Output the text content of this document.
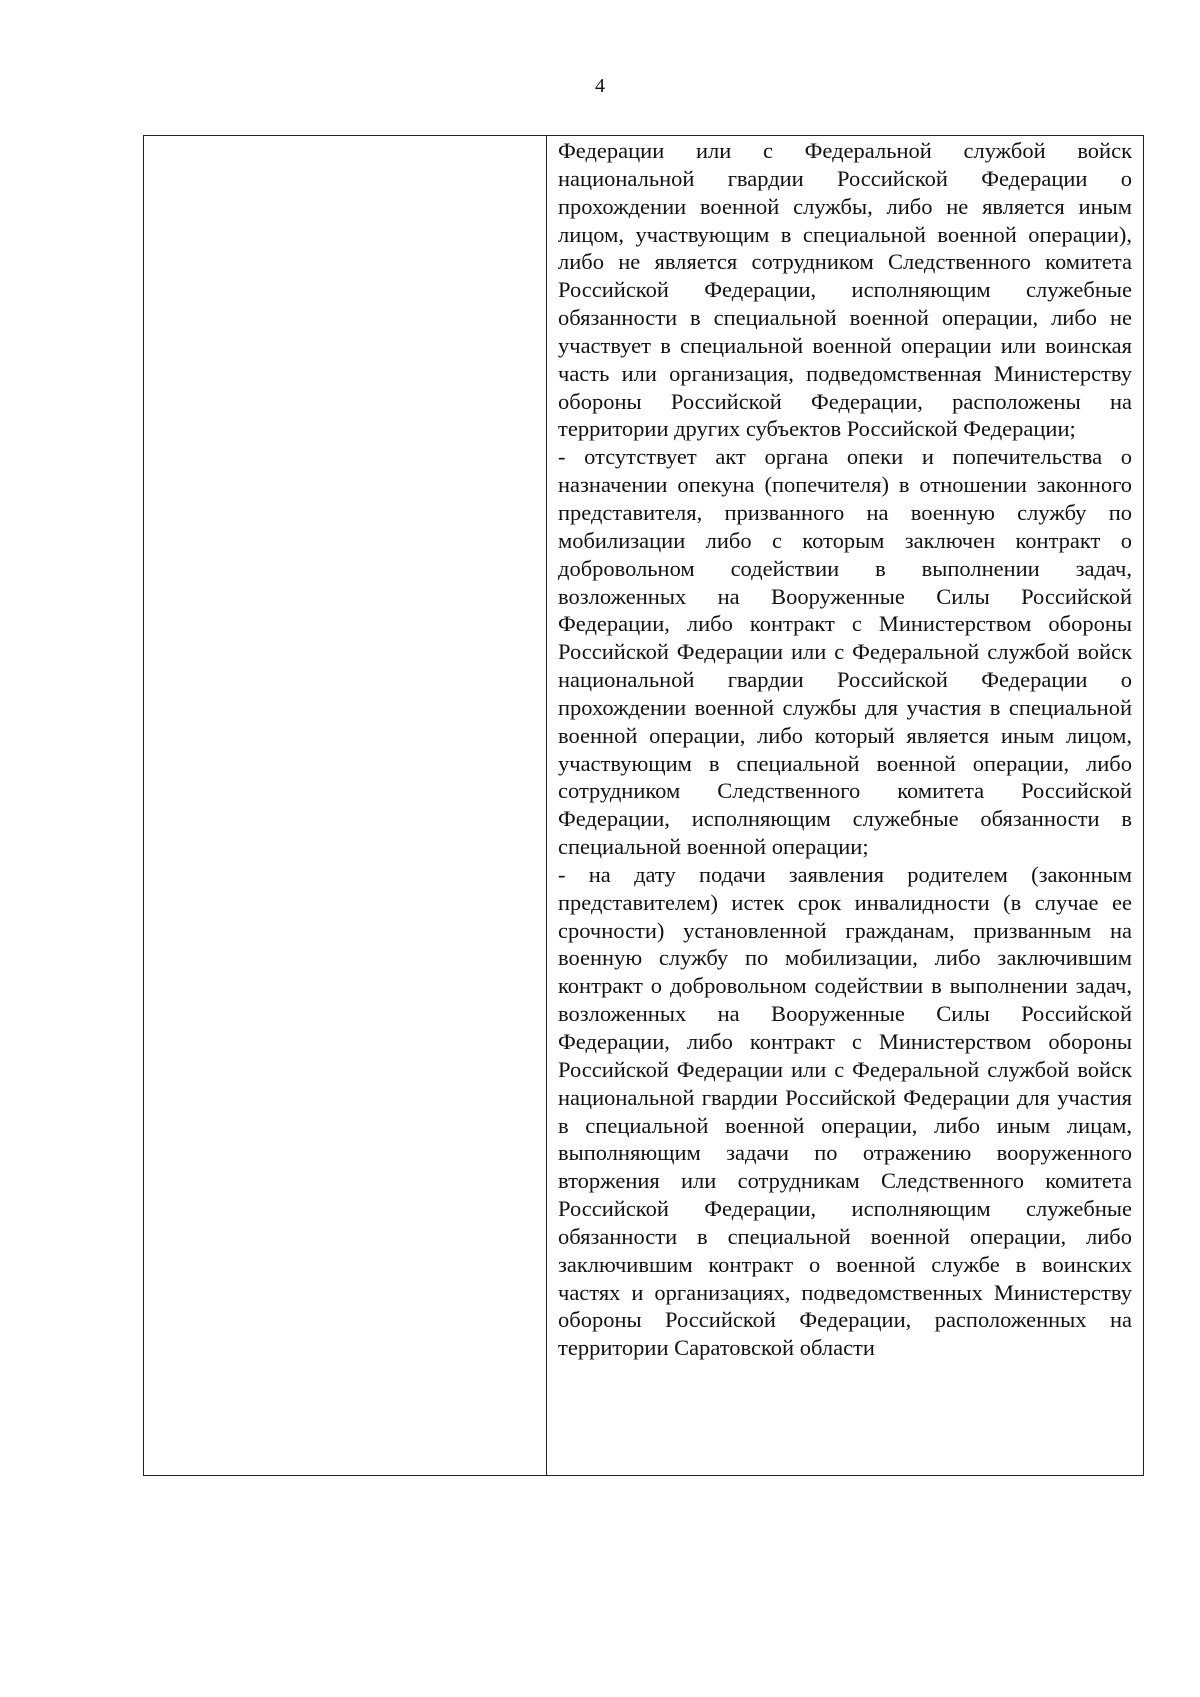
4

Федерации или с Федеральной службой войск национальной гвардии Российской Федерации о прохождении военной службы, либо не является иным лицом, участвующим в специальной военной операции), либо не является сотрудником Следственного комитета Российской Федерации, исполняющим служебные обязанности в специальной военной операции, либо не участвует в специальной военной операции или воинская часть или организация, подведомственная Министерству обороны Российской Федерации, расположены на территории других субъектов Российской Федерации;
- отсутствует акт органа опеки и попечительства о назначении опекуна (попечителя) в отношении законного представителя, призванного на военную службу по мобилизации либо с которым заключен контракт о добровольном содействии в выполнении задач, возложенных на Вооруженные Силы Российской Федерации, либо контракт с Министерством обороны Российской Федерации или с Федеральной службой войск национальной гвардии Российской Федерации о прохождении военной службы для участия в специальной военной операции, либо который является иным лицом, участвующим в специальной военной операции, либо сотрудником Следственного комитета Российской Федерации, исполняющим служебные обязанности в специальной военной операции;
- на дату подачи заявления родителем (законным представителем) истек срок инвалидности (в случае ее срочности) установленной гражданам, призванным на военную службу по мобилизации, либо заключившим контракт о добровольном содействии в выполнении задач, возложенных на Вооруженные Силы Российской Федерации, либо контракт с Министерством обороны Российской Федерации или с Федеральной службой войск национальной гвардии Российской Федерации для участия в специальной военной операции, либо иным лицам, выполняющим задачи по отражению вооруженного вторжения или сотрудникам Следственного комитета Российской Федерации, исполняющим служебные обязанности в специальной военной операции, либо заключившим контракт о военной службе в воинских частях и организациях, подведомственных Министерству обороны Российской Федерации, расположенных на территории Саратовской области
